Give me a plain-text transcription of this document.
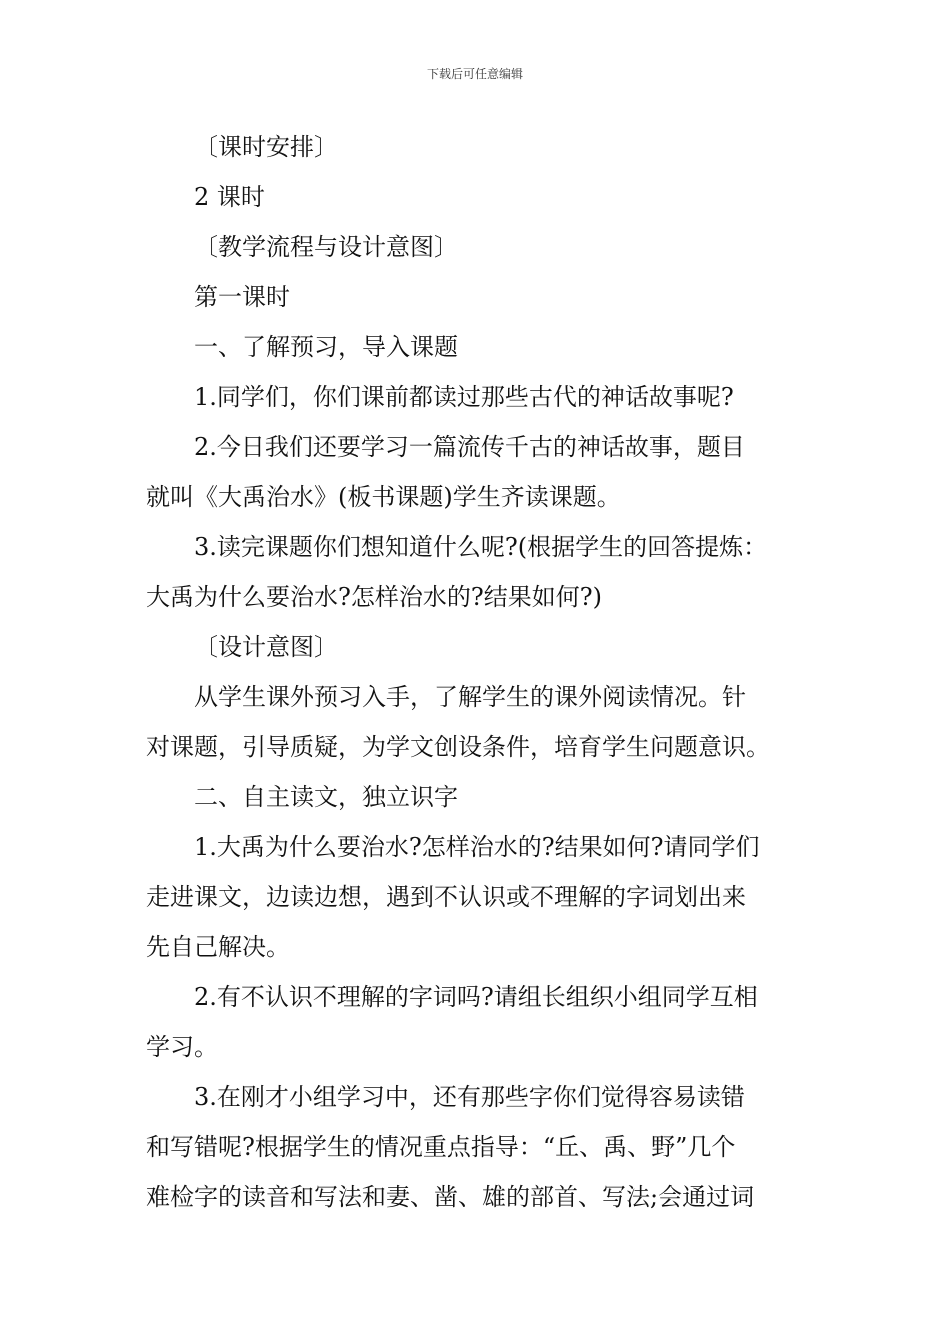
下载后可任意编辑
〔课时安排〕
2 课时
〔教学流程与设计意图〕
第一课时
一、了解预习，导入课题
1.同学们，你们课前都读过那些古代的神话故事呢?
2.今日我们还要学习一篇流传千古的神话故事，题目
就叫《大禹治水》(板书课题)学生齐读课题。
3.读完课题你们想知道什么呢?(根据学生的回答提炼：
大禹为什么要治水?怎样治水的?结果如何?)
〔设计意图〕
从学生课外预习入手，了解学生的课外阅读情况。针
对课题，引导质疑，为学文创设条件，培育学生问题意识。
二、自主读文，独立识字
1.大禹为什么要治水?怎样治水的?结果如何?请同学们
走进课文，边读边想，遇到不认识或不理解的字词划出来
先自己解决。
2.有不认识不理解的字词吗?请组长组织小组同学互相
学习。
3.在刚才小组学习中，还有那些字你们觉得容易读错
和写错呢?根据学生的情况重点指导：“丘、禹、野”几个
难检字的读音和写法和妻、凿、雄的部首、写法;会通过词
